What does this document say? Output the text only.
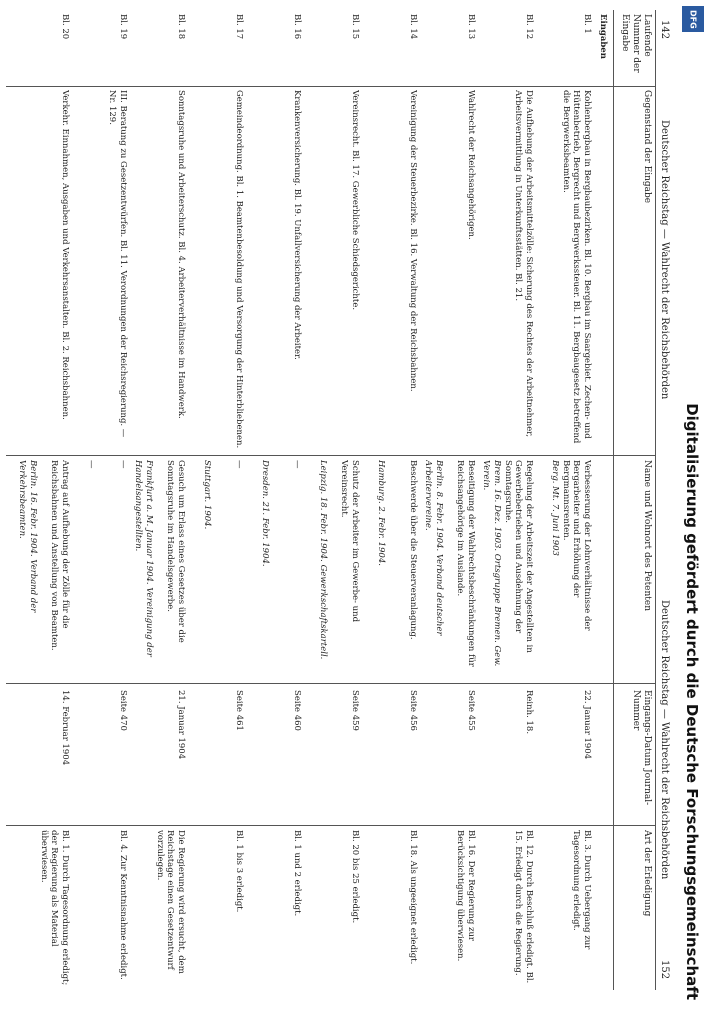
142
Deutscher Reichstag — Wahlrecht der Reichsbehörden
Deutscher Reichstag — Wahlrecht der Reichsbehörden
152
Laufende Nummer der Eingabe
Gegenstand der Eingabe
Name und Wohnort des Petenten
Eingangs-Datum Journal-Nummer
Art der Erledigung
Eingaben
Bl. 1
Kohlenbergbau in Bergbaubezirken. Bl. 10. Bergbau im Saargebiet. Zechen- und Hüttenbetrieb, Bergrecht und Bergwerkssteuer. Bl. 11. Bergbaugesetz betreffend die Bergwerksbeamten.
Verbesserung der Lohnverhältnisse der Bergarbeiter und Erhöhung der Bergmannsrenten.
22. Januar 1904
Bl. 3. Durch Uebergang zur Tagesordnung erledigt.
Berg. Mt. 7. Juni 1903
Bl. 12
Die Aufhebung der Arbeitsmittelzölle: Sicherung des Rechtes der Arbeitnehmer, Arbeitsvermittlung in Unterkunftsstätten. Bl. 21.
Regelung der Arbeitszeit der Angestellten in Gewerbebetrieben und Ausdehnung der Sonntagsruhe.
Reinh. 18.
Bl. 12. Durch Beschluß erledigt. Bl. 15. Erledigt durch die Regierung.
Brem. 16. Dez. 1903. Ortsgruppe Bremen. Gew. Verein.
Bl. 13
Wahlrecht der Reichsangehörigen.
Beseitigung der Wahlrechtsbeschränkungen für Reichsangehörige im Auslande.
Seite 455
Bl. 16. Der Regierung zur Berücksichtigung überwiesen.
Berlin. 8. Febr. 1904. Verband deutscher Arbeitervereine.
Bl. 14
Vereinigung der Steuerbezirke. Bl. 16. Verwaltung der Reichsbahnen.
Beschwerde über die Steuerveranlagung.
Seite 456
Bl. 18. Als ungeeignet erledigt.
Hamburg. 2. Febr. 1904.
Bl. 15
Vereinsrecht. Bl. 17. Gewerbliche Schiedsgerichte.
Schutz der Arbeiter im Gewerbe- und Vereinsrecht.
Seite 459
Bl. 20 bis 25 erledigt.
Leipzig. 18. Febr. 1904. Gewerkschaftskartell.
Bl. 16
Krankenversicherung. Bl. 19. Unfallversicherung der Arbeiter.
—
Seite 460
Bl. 1 und 2 erledigt.
Dresden. 21. Febr. 1904.
Bl. 17
Gemeindeordnung. Bl. 1. Beamtenbesoldung und Versorgung der Hinterbliebenen.
—
Seite 461
Bl. 1 bis 3 erledigt.
Stuttgart. 1904.
Bl. 18
Sonntagsruhe und Arbeiterschutz. Bl. 4. Arbeiterverhältnisse im Handwerk.
Gesuch um Erlass eines Gesetzes über die Sonntagsruhe im Handelsgewerbe.
21. Januar 1904
Die Regierung wird ersucht, dem Reichstage einen Gesetzentwurf vorzulegen.
Frankfurt a. M. Januar 1904. Vereinigung der Handelsangestellten.
Bl. 19
III. Beratung zu Gesetzentwürfen. Bl. 11. Verordnungen der Reichsregierung. — Nr. 129.
—
Seite 470
Bl. 4. Zur Kenntnisnahme erledigt.
—
Bl. 20
Verkehr. Einnahmen, Ausgaben und Verkehrsanstalten. Bl. 2. Reichsbahnen.
Antrag auf Aufhebung der Zölle für die Reichsbahnen und Anstellung von Beamten.
14. Februar 1904
Bl. 1. Durch Tagesordnung erledigt; der Regierung als Material überwiesen.
Berlin. 16. Febr. 1904. Verband der Verkehrsbeamten.	Digitalisierung gefördert durch die Deutsche Forschungsgemeinschaft
DFG
